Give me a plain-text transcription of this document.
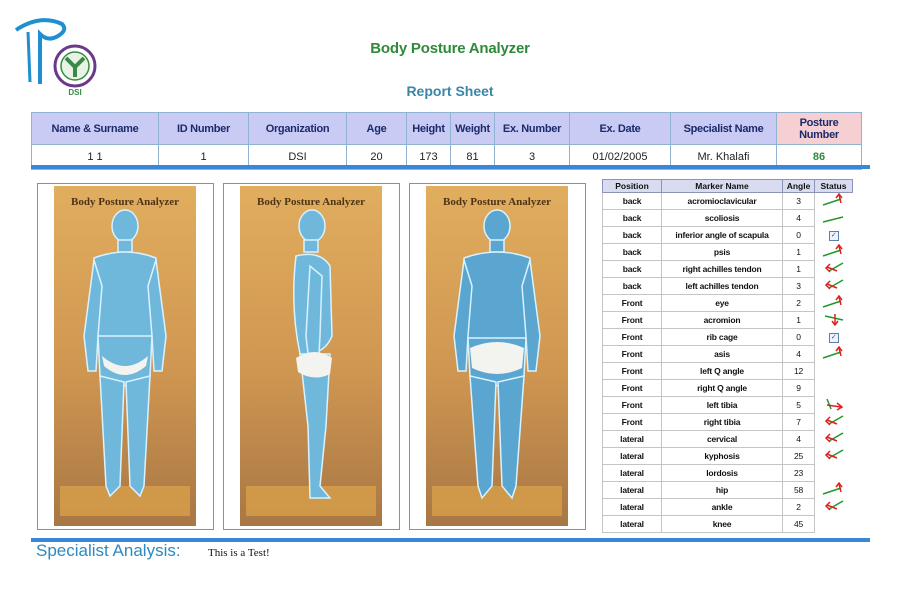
DSI
Body Posture Analyzer
Report Sheet
Name & Surname	ID Number	Organization	Age	Height	Weight	Ex. Number	Ex. Date	Specialist Name	Posture Number
1 1	1	DSI	20	173	81	3	01/02/2005	Mr. Khalafi	86
Body Posture Analyzer	Body Posture Analyzer	Body Posture Analyzer
Position	Marker Name	Angle	Status
back	acromioclavicular	3	
back	scoliosis	4	
back	inferior angle of scapula	0	✓
back	psis	1	
back	right achilles tendon	1	
back	left achilles tendon	3	
Front	eye	2	
Front	acromion	1	
Front	rib cage	0	✓
Front	asis	4	
Front	left Q angle	12	
Front	right Q angle	9	
Front	left tibia	5	
Front	right tibia	7	
lateral	cervical	4	
lateral	kyphosis	25	
lateral	lordosis	23	
lateral	hip	58	
lateral	ankle	2	
lateral	knee	45	
Specialist Analysis: This is a Test!
